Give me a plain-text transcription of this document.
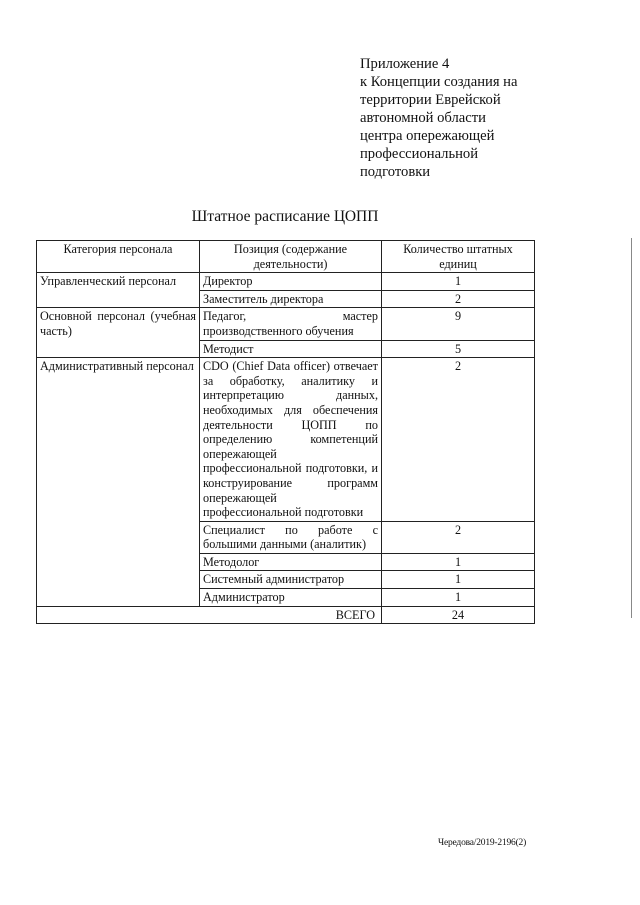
Приложение 4
к Концепции создания на
территории Еврейской
автономной области
центра опережающей
профессиональной
подготовки
Штатное расписание ЦОПП
Категория персонала	Позиция (содержание деятельности)	Количество штатных единиц
Управленческий персонал	Директор	1
	Заместитель директора	2
Основной персонал (учебная часть)	Педагог, мастер производственного обучения	9
	Методист	5
Административный персонал	CDO (Chief Data officer) отвечает за обработку, аналитику и интерпретацию данных, необходимых для обеспечения деятельности ЦОПП по определению компетенций опережающей профессиональной подготовки, и конструирование программ опережающей профессиональной подготовки	2
	Специалист по работе с большими данными (аналитик)	2
	Методолог	1
	Системный администратор	1
	Администратор	1
ВСЕГО		24
Чередова/2019-2196(2)
